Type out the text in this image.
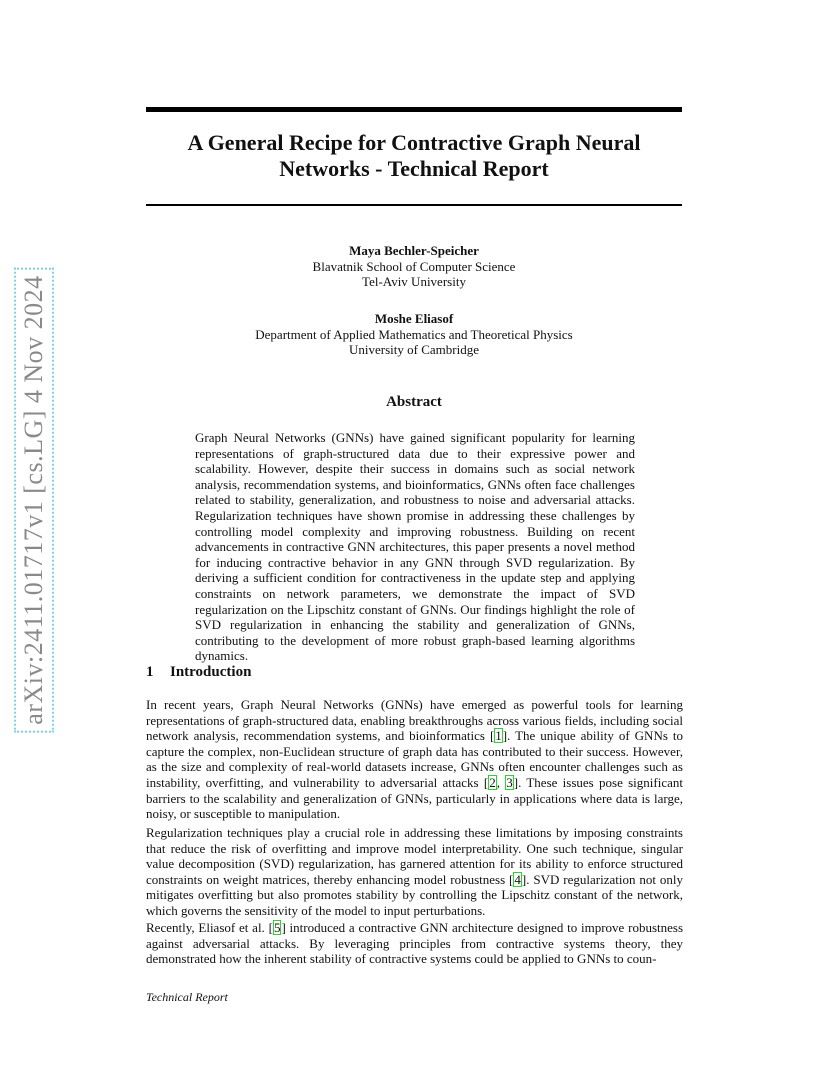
arXiv:2411.01717v1 [cs.LG] 4 Nov 2024
A General Recipe for Contractive Graph Neural Networks - Technical Report
Maya Bechler-Speicher
Blavatnik School of Computer Science
Tel-Aviv University
Moshe Eliasof
Department of Applied Mathematics and Theoretical Physics
University of Cambridge
Abstract

Graph Neural Networks (GNNs) have gained significant popularity for learning representations of graph-structured data due to their expressive power and scalability. However, despite their success in domains such as social network analysis, recommendation systems, and bioinformatics, GNNs often face challenges related to stability, generalization, and robustness to noise and adversarial attacks. Regularization techniques have shown promise in addressing these challenges by controlling model complexity and improving robustness. Building on recent advancements in contractive GNN architectures, this paper presents a novel method for inducing contractive behavior in any GNN through SVD regularization. By deriving a sufficient condition for contractiveness in the update step and applying constraints on network parameters, we demonstrate the impact of SVD regularization on the Lipschitz constant of GNNs. Our findings highlight the role of SVD regularization in enhancing the stability and generalization of GNNs, contributing to the development of more robust graph-based learning algorithms dynamics.

1 Introduction

In recent years, Graph Neural Networks (GNNs) have emerged as powerful tools for learning representations of graph-structured data, enabling breakthroughs across various fields, including social network analysis, recommendation systems, and bioinformatics [1]. The unique ability of GNNs to capture the complex, non-Euclidean structure of graph data has contributed to their success. However, as the size and complexity of real-world datasets increase, GNNs often encounter challenges such as instability, overfitting, and vulnerability to adversarial attacks [2, 3]. These issues pose significant barriers to the scalability and generalization of GNNs, particularly in applications where data is large, noisy, or susceptible to manipulation.

Regularization techniques play a crucial role in addressing these limitations by imposing constraints that reduce the risk of overfitting and improve model interpretability. One such technique, singular value decomposition (SVD) regularization, has garnered attention for its ability to enforce structured constraints on weight matrices, thereby enhancing model robustness [4]. SVD regularization not only mitigates overfitting but also promotes stability by controlling the Lipschitz constant of the network, which governs the sensitivity of the model to input perturbations.

Recently, Eliasof et al. [5] introduced a contractive GNN architecture designed to improve robustness against adversarial attacks. By leveraging principles from contractive systems theory, they demonstrated how the inherent stability of contractive systems could be applied to GNNs to coun-

Technical Report
